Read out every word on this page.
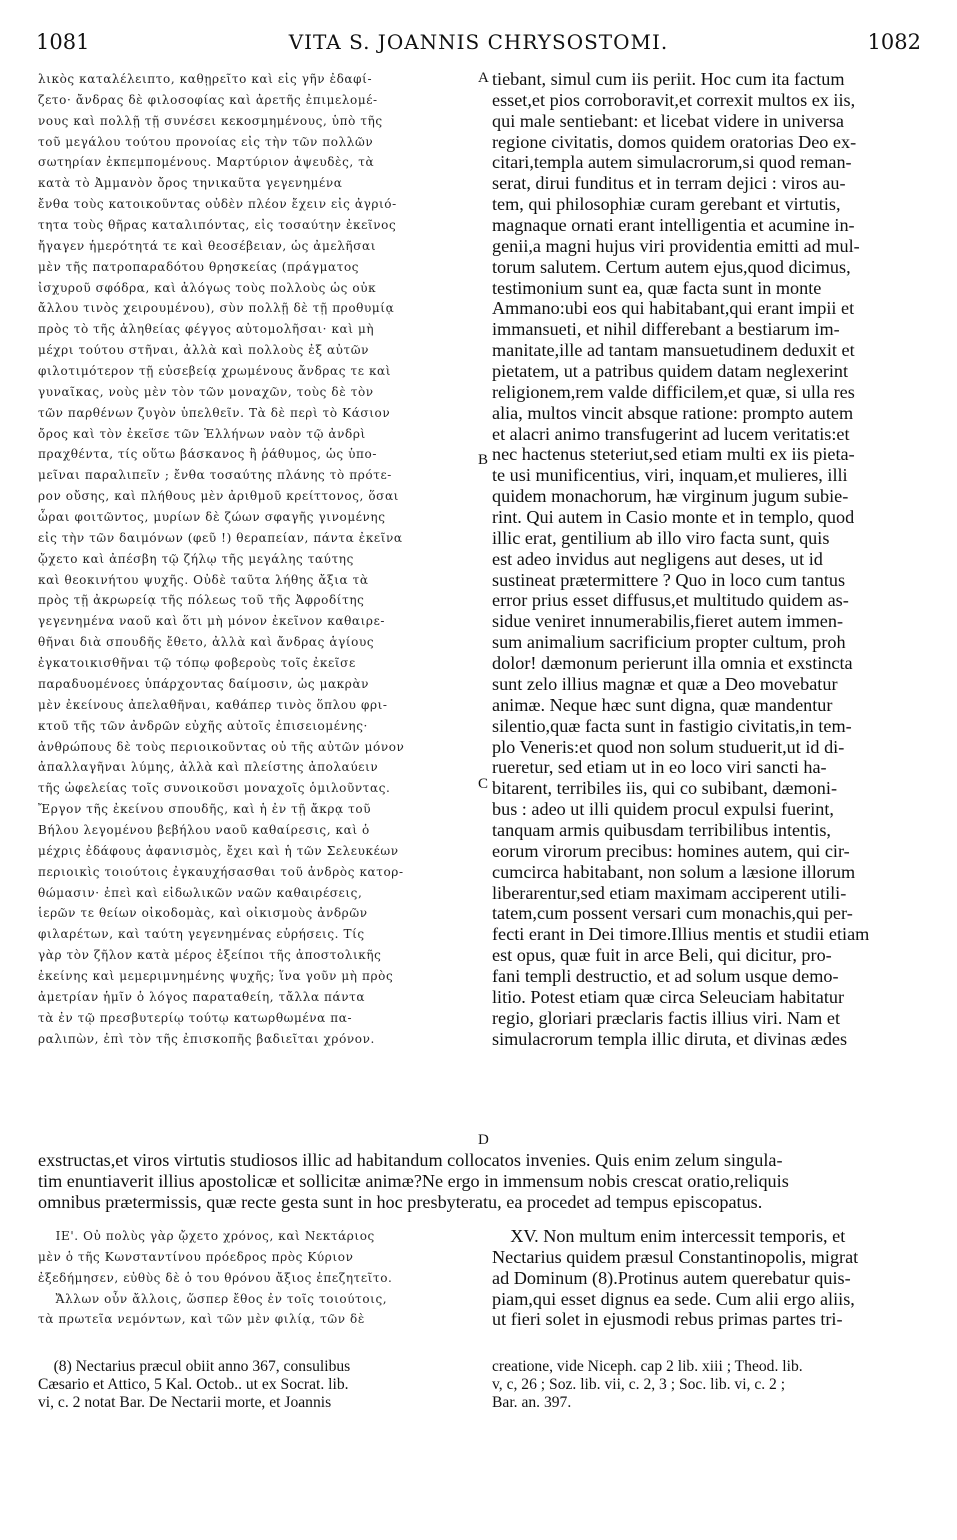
1081	VITA S. JOANNIS CHRYSOSTOMI.	1082
λικὸς καταλέλειπτο, καθῃρεῖτο καὶ εἰς γῆν ἐδαφί-
ζετο· ἄνδρας δὲ φιλοσοφίας καὶ ἀρετῆς ἐπιμελομέ-
νους καὶ πολλῇ τῇ συνέσει κεκοσμημένους, ὑπὸ τῆς
τοῦ μεγάλου τούτου προνοίας εἰς τὴν τῶν πολλῶν
σωτηρίαν ἐκπεμπομένους. Μαρτύριον ἀψευδὲς, τὰ
κατὰ τὸ Ἀμμανὸν ὄρος τηνικαῦτα γεγενημένα
ἔνθα τοὺς κατοικοῦντας οὐδὲν πλέον ἔχειν εἰς ἀγριό-
τητα τοὺς θῆρας καταλιπόντας, εἰς τοσαύτην ἐκεῖνος
ἤγαγεν ἡμερότητά τε καὶ θεοσέβειαν, ὡς ἀμελῆσαι
μὲν τῆς πατροπαραδότου θρησκείας (πράγματος
ἰσχυροῦ σφόδρα, καὶ ἀλόγως τοὺς πολλοὺς ὡς οὐκ
ἄλλου τινὸς χειρουμένου), σὺν πολλῇ δὲ τῇ προθυμίᾳ
πρὸς τὸ τῆς ἀληθείας φέγγος αὐτομολῆσαι· καὶ μὴ
μέχρι τούτου στῆναι, ἀλλὰ καὶ πολλοὺς ἐξ αὐτῶν
φιλοτιμότερον τῇ εὐσεβείᾳ χρωμένους ἄνδρας τε καὶ
γυναῖκας, νοὺς μὲν τὸν τῶν μοναχῶν, τοὺς δὲ τὸν
τῶν παρθένων ζυγὸν ὑπελθεῖν. Τὰ δὲ περὶ τὸ Κάσιον
ὄρος καὶ τὸν ἐκεῖσε τῶν Ἑλλήνων ναὸν τῷ ἀνδρὶ
πραχθέντα, τίς οὕτω βάσκανος ἢ ῥάθυμος, ὡς ὑπο-
μεῖναι παραλιπεῖν ; ἔνθα τοσαύτης πλάνης τὸ πρότε-
ρον οὔσης, καὶ πλήθους μὲν ἀριθμοῦ κρείττονος, ὅσαι
ὧραι φοιτῶντος, μυρίων δὲ ζώων σφαγῆς γινομένης
εἰς τὴν τῶν δαιμόνων (φεῦ !) θεραπείαν, πάντα ἐκεῖνα
ᾤχετο καὶ ἀπέσβη τῷ ζήλῳ τῆς μεγάλης ταύτης
καὶ θεοκινήτου ψυχῆς. Οὐδὲ ταῦτα λήθης ἄξια τὰ
πρὸς τῇ ἀκρωρείᾳ τῆς πόλεως τοῦ τῆς Ἀφροδίτης
γεγενημένα ναοῦ καὶ ὅτι μὴ μόνον ἐκεῖνον καθαιρε-
θῆναι διὰ σπουδῆς ἔθετο, ἀλλὰ καὶ ἄνδρας ἁγίους
ἐγκατοικισθῆναι τῷ τόπῳ φοβεροὺς τοῖς ἐκεῖσε
παραδυομένοες ὑπάρχοντας δαίμοσιν, ὡς μακρὰν
μὲν ἐκείνους ἀπελαθῆναι, καθάπερ τινὸς ὅπλου φρι-
κτοῦ τῆς τῶν ἀνδρῶν εὐχῆς αὐτοῖς ἐπισειομένης·
ἀνθρώπους δὲ τοὺς περιοικοῦντας οὐ τῆς αὐτῶν μόνον
ἀπαλλαγῆναι λύμης, ἀλλὰ καὶ πλείστης ἀπολαύειν
τῆς ὠφελείας τοῖς συνοικοῦσι μοναχοῖς ὁμιλοῦντας.
Ἔργον τῆς ἐκείνου σπουδῆς, καὶ ἡ ἐν τῇ ἄκρᾳ τοῦ
Βήλου λεγομένου βεβήλου ναοῦ καθαίρεσις, καὶ ὁ
μέχρις ἐδάφους ἀφανισμὸς, ἔχει καὶ ἡ τῶν Σελευκέων
περιοικὶς τοιούτοις ἐγκαυχήσασθαι τοῦ ἀνδρὸς κατορ-
θώμασιν· ἐπεὶ καὶ εἰδωλικῶν ναῶν καθαιρέσεις,
ἱερῶν τε θείων οἰκοδομὰς, καὶ οἰκισμοὺς ἀνδρῶν
φιλαρέτων, καὶ ταύτη γεγενημένας εὑρήσεις. Τίς
γὰρ τὸν ζῆλον κατὰ μέρος ἐξείποι τῆς ἀποστολικῆς
ἐκείνης καὶ μεμεριμνημένης ψυχῆς; ἵνα γοῦν μὴ πρὸς
ἀμετρίαν ἡμῖν ὁ λόγος παραταθείη, τἄλλα πάντα
τὰ ἐν τῷ πρεσβυτερίῳ τούτῳ κατωρθωμένα πα-
ραλιπὼν, ἐπὶ τὸν τῆς ἐπισκοπῆς βαδιεῖται χρόνον.
tiebant, simul cum iis periit. Hoc cum ita factum
esset,et pios corroboravit,et correxit multos ex iis,
qui male sentiebant: et licebat videre in universa
regione civitatis, domos quidem oratorias Deo ex-
citari,templa autem simulacrorum,si quod reman-
serat, dirui funditus et in terram dejici : viros au-
tem, qui philosophiæ curam gerebant et virtutis,
magnaque ornati erant intelligentia et acumine in-
genii,a magni hujus viri providentia emitti ad mul-
torum salutem. Certum autem ejus,quod dicimus,
testimonium sunt ea, quæ facta sunt in monte
Ammano:ubi eos qui habitabant,qui erant impii et
immansueti, et nihil differebant a bestiarum im-
manitate,ille ad tantam mansuetudinem deduxit et
pietatem, ut a patribus quidem datam neglexerint
religionem,rem valde difficilem,et quæ, si ulla res
alia, multos vincit absque ratione: prompto autem
et alacri animo transfugerint ad lucem veritatis:et
nec hactenus steteriut,sed etiam multi ex iis pieta-
te usi munificentius, viri, inquam,et mulieres, illi
quidem monachorum, hæ virginum jugum subie-
rint. Qui autem in Casio monte et in templo, quod
illic erat, gentilium ab illo viro facta sunt, quis
est adeo invidus aut negligens aut deses, ut id
sustineat prætermittere ? Quo in loco cum tantus
error prius esset diffusus,et multitudo quidem as-
sidue veniret innumerabilis,fieret autem immen-
sum animalium sacrificium propter cultum, proh
dolor! dæmonum perierunt illa omnia et exstincta
sunt zelo illius magnæ et quæ a Deo movebatur
animæ. Neque hæc sunt digna, quæ mandentur
silentio,quæ facta sunt in fastigio civitatis,in tem-
plo Veneris:et quod non solum studuerit,ut id di-
rueretur, sed etiam ut in eo loco viri sancti ha-
bitarent, terribiles iis, qui co subibant, dæmoni-
bus : adeo ut illi quidem procul expulsi fuerint,
tanquam armis quibusdam terribilibus intentis,
eorum virorum precibus: homines autem, qui cir-
cumcirca habitabant, non solum a læsione illorum
liberarentur,sed etiam maximam acciperent utili-
tatem,cum possent versari cum monachis,qui per-
fecti erant in Dei timore.Illius mentis et studii etiam
est opus, quæ fuit in arce Beli, qui dicitur, pro-
fani templi destructio, et ad solum usque demo-
litio. Potest etiam quæ circa Seleuciam habitatur
regio, gloriari præclaris factis illius viri. Nam et
simulacrorum templa illic diruta, et divinas ædes
A
B
C
D
exstructas,et viros virtutis studiosos illic ad habitandum collocatos invenies. Quis enim zelum singula-
tim enuntiaverit illius apostolicæ et sollicitæ animæ?Ne ergo in immensum nobis crescat oratio,reliquis
omnibus prætermissis, quæ recte gesta sunt in hoc presbyteratu, ea procedet ad tempus episcopatus.
ΙΕ'. Οὐ πολὺς γὰρ ᾤχετο χρόνος, καὶ Νεκτάριος
μὲν ὁ τῆς Κωνσταντίνου πρόεδρος πρὸς Κύριον
ἐξεδήμησεν, εὐθὺς δὲ ὁ του θρόνου ἄξιος ἐπεζητεῖτο.
Ἄλλων οὖν ἄλλοις, ὥσπερ ἔθος ἐν τοῖς τοιούτοις,
τὰ πρωτεῖα νεμόντων, καὶ τῶν μὲν φιλίᾳ, τῶν δὲ
XV. Non multum enim intercessit temporis, et
Nectarius quidem præsul Constantinopolis, migrat
ad Dominum (8).Protinus autem querebatur quis-
piam,qui esset dignus ea sede. Cum alii ergo aliis,
ut fieri solet in ejusmodi rebus primas partes tri-
(8) Nectarius præcul obiit anno 367, consulibus
Cæsario et Attico, 5 Kal. Octob.. ut ex Socrat. lib.
vi, c. 2 notat Bar. De Nectarii morte, et Joannis
creatione, vide Niceph. cap 2 lib. xiii ; Theod. lib.
v, c, 26 ; Soz. lib. vii, c. 2, 3 ; Soc. lib. vi, c. 2 ;
Bar. an. 397.
